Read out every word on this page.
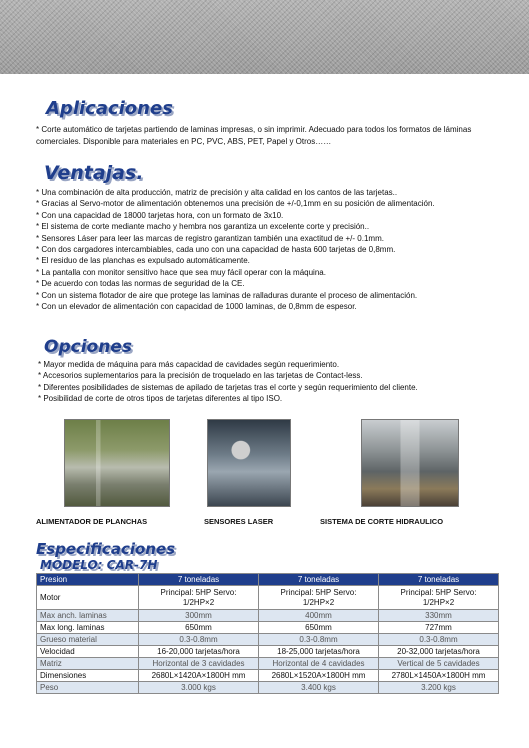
Aplicaciones

* Corte automático de tarjetas partiendo de laminas impresas, o sin imprimir. Adecuado para todos los formatos de láminas comerciales. Disponible para materiales en PC, PVC, ABS, PET, Papel y Otros……

Ventajas.
* Una combinación de alta producción, matriz de precisión y alta calidad en los cantos de las tarjetas..
* Gracias al Servo-motor de alimentación obtenemos una precisión de +/-0,1mm en su posición de alimentación.
* Con una capacidad de 18000 tarjetas hora, con un formato de 3x10.
* El sistema de corte mediante macho y hembra nos garantiza un excelente corte y precisión..
* Sensores Láser para leer las marcas de registro garantizan también una exactitud de +/- 0.1mm.
* Con dos cargadores intercambiables, cada uno con una capacidad de hasta 600 tarjetas de 0,8mm.
* El residuo de las planchas es expulsado automáticamente.
* La pantalla con monitor sensitivo hace que sea muy fácil operar con la máquina.
* De acuerdo con todas las normas de seguridad de la CE.
* Con un sistema flotador de aire que protege las laminas de ralladuras durante el proceso de alimentación.
* Con un elevador de alimentación con capacidad de 1000 laminas, de 0,8mm de espesor.
Opciones
* Mayor medida de máquina para más capacidad de cavidades según requerimiento.
* Accesorios suplementarios para la precisión de troquelado en las tarjetas de Contact-less.
* Diferentes posibilidades de sistemas de apilado de tarjetas tras el corte y según requerimiento del cliente.
* Posibilidad de corte de otros tipos de tarjetas diferentes al tipo ISO.

ALIMENTADOR DE PLANCHAS	SENSORES LASER	SISTEMA DE CORTE HIDRAULICO

Especificaciones
MODELO: CAR-7H
Presion	7 toneladas	7 toneladas	7 toneladas
Motor	Principal: 5HP Servo:
1/2HP×2	Principal: 5HP Servo:
1/2HP×2	Principal: 5HP Servo:
1/2HP×2
Max anch. laminas	300mm	400mm	330mm
Max long. laminas	650mm	650mm	727mm
Grueso material	0.3-0.8mm	0.3-0.8mm	0.3-0.8mm
Velocidad	16-20,000 tarjetas/hora	18-25,000 tarjetas/hora	20-32,000 tarjetas/hora
Matriz	Horizontal de 3 cavidades	Horizontal de 4 cavidades	Vertical de 5 cavidades
Dimensiones	2680L×1420A×1800H mm	2680L×1520A×1800H mm	2780L×1450A×1800H mm
Peso	3.000 kgs	3.400 kgs	3.200 kgs
